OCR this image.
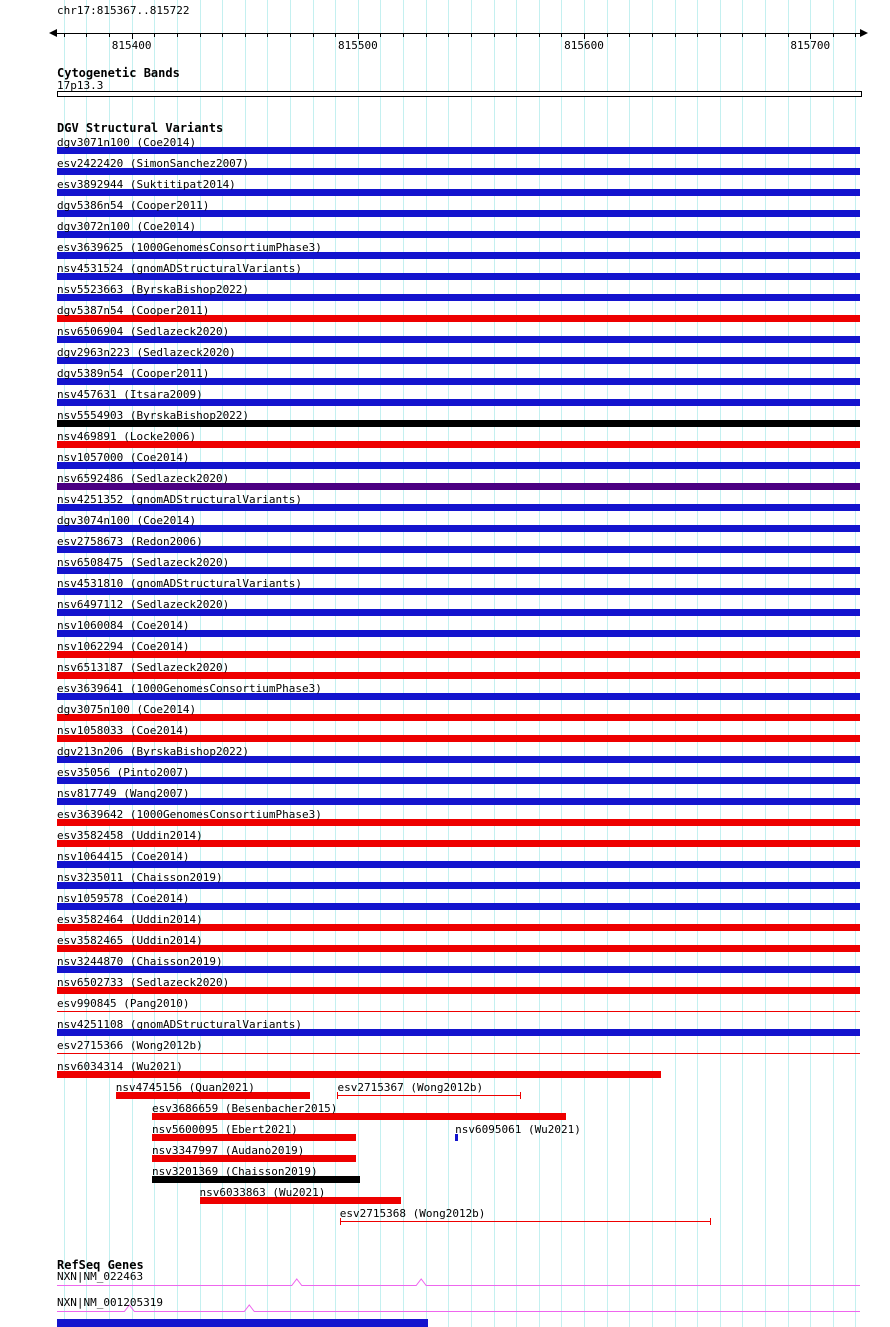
chr17:815367..815722
815400	815500	815600	815700
Cytogenetic Bands
17p13.3
DGV Structural Variants
dgv3071n100 (Coe2014)
esv2422420 (SimonSanchez2007)
esv3892944 (Suktitipat2014)
dgv5386n54 (Cooper2011)
dgv3072n100 (Coe2014)
esv3639625 (1000GenomesConsortiumPhase3)
nsv4531524 (gnomADStructuralVariants)
nsv5523663 (ByrskaBishop2022)
dgv5387n54 (Cooper2011)
nsv6506904 (Sedlazeck2020)
dgv2963n223 (Sedlazeck2020)
dgv5389n54 (Cooper2011)
nsv457631 (Itsara2009)
nsv5554903 (ByrskaBishop2022)
nsv469891 (Locke2006)
nsv1057000 (Coe2014)
nsv6592486 (Sedlazeck2020)
nsv4251352 (gnomADStructuralVariants)
dgv3074n100 (Coe2014)
esv2758673 (Redon2006)
nsv6508475 (Sedlazeck2020)
nsv4531810 (gnomADStructuralVariants)
nsv6497112 (Sedlazeck2020)
nsv1060084 (Coe2014)
nsv1062294 (Coe2014)
nsv6513187 (Sedlazeck2020)
esv3639641 (1000GenomesConsortiumPhase3)
dgv3075n100 (Coe2014)
nsv1058033 (Coe2014)
dgv213n206 (ByrskaBishop2022)
esv35056 (Pinto2007)
nsv817749 (Wang2007)
esv3639642 (1000GenomesConsortiumPhase3)
esv3582458 (Uddin2014)
nsv1064415 (Coe2014)
nsv3235011 (Chaisson2019)
nsv1059578 (Coe2014)
esv3582464 (Uddin2014)
esv3582465 (Uddin2014)
nsv3244870 (Chaisson2019)
nsv6502733 (Sedlazeck2020)
esv990845 (Pang2010)
nsv4251108 (gnomADStructuralVariants)
esv2715366 (Wong2012b)
nsv6034314 (Wu2021)
nsv4745156 (Quan2021)	esv2715367 (Wong2012b)
esv3686659 (Besenbacher2015)
nsv5600095 (Ebert2021)	nsv6095061 (Wu2021)
nsv3347997 (Audano2019)
nsv3201369 (Chaisson2019)
nsv6033863 (Wu2021)
esv2715368 (Wong2012b)
RefSeq Genes
NXN|NM_022463
NXN|NM_001205319
